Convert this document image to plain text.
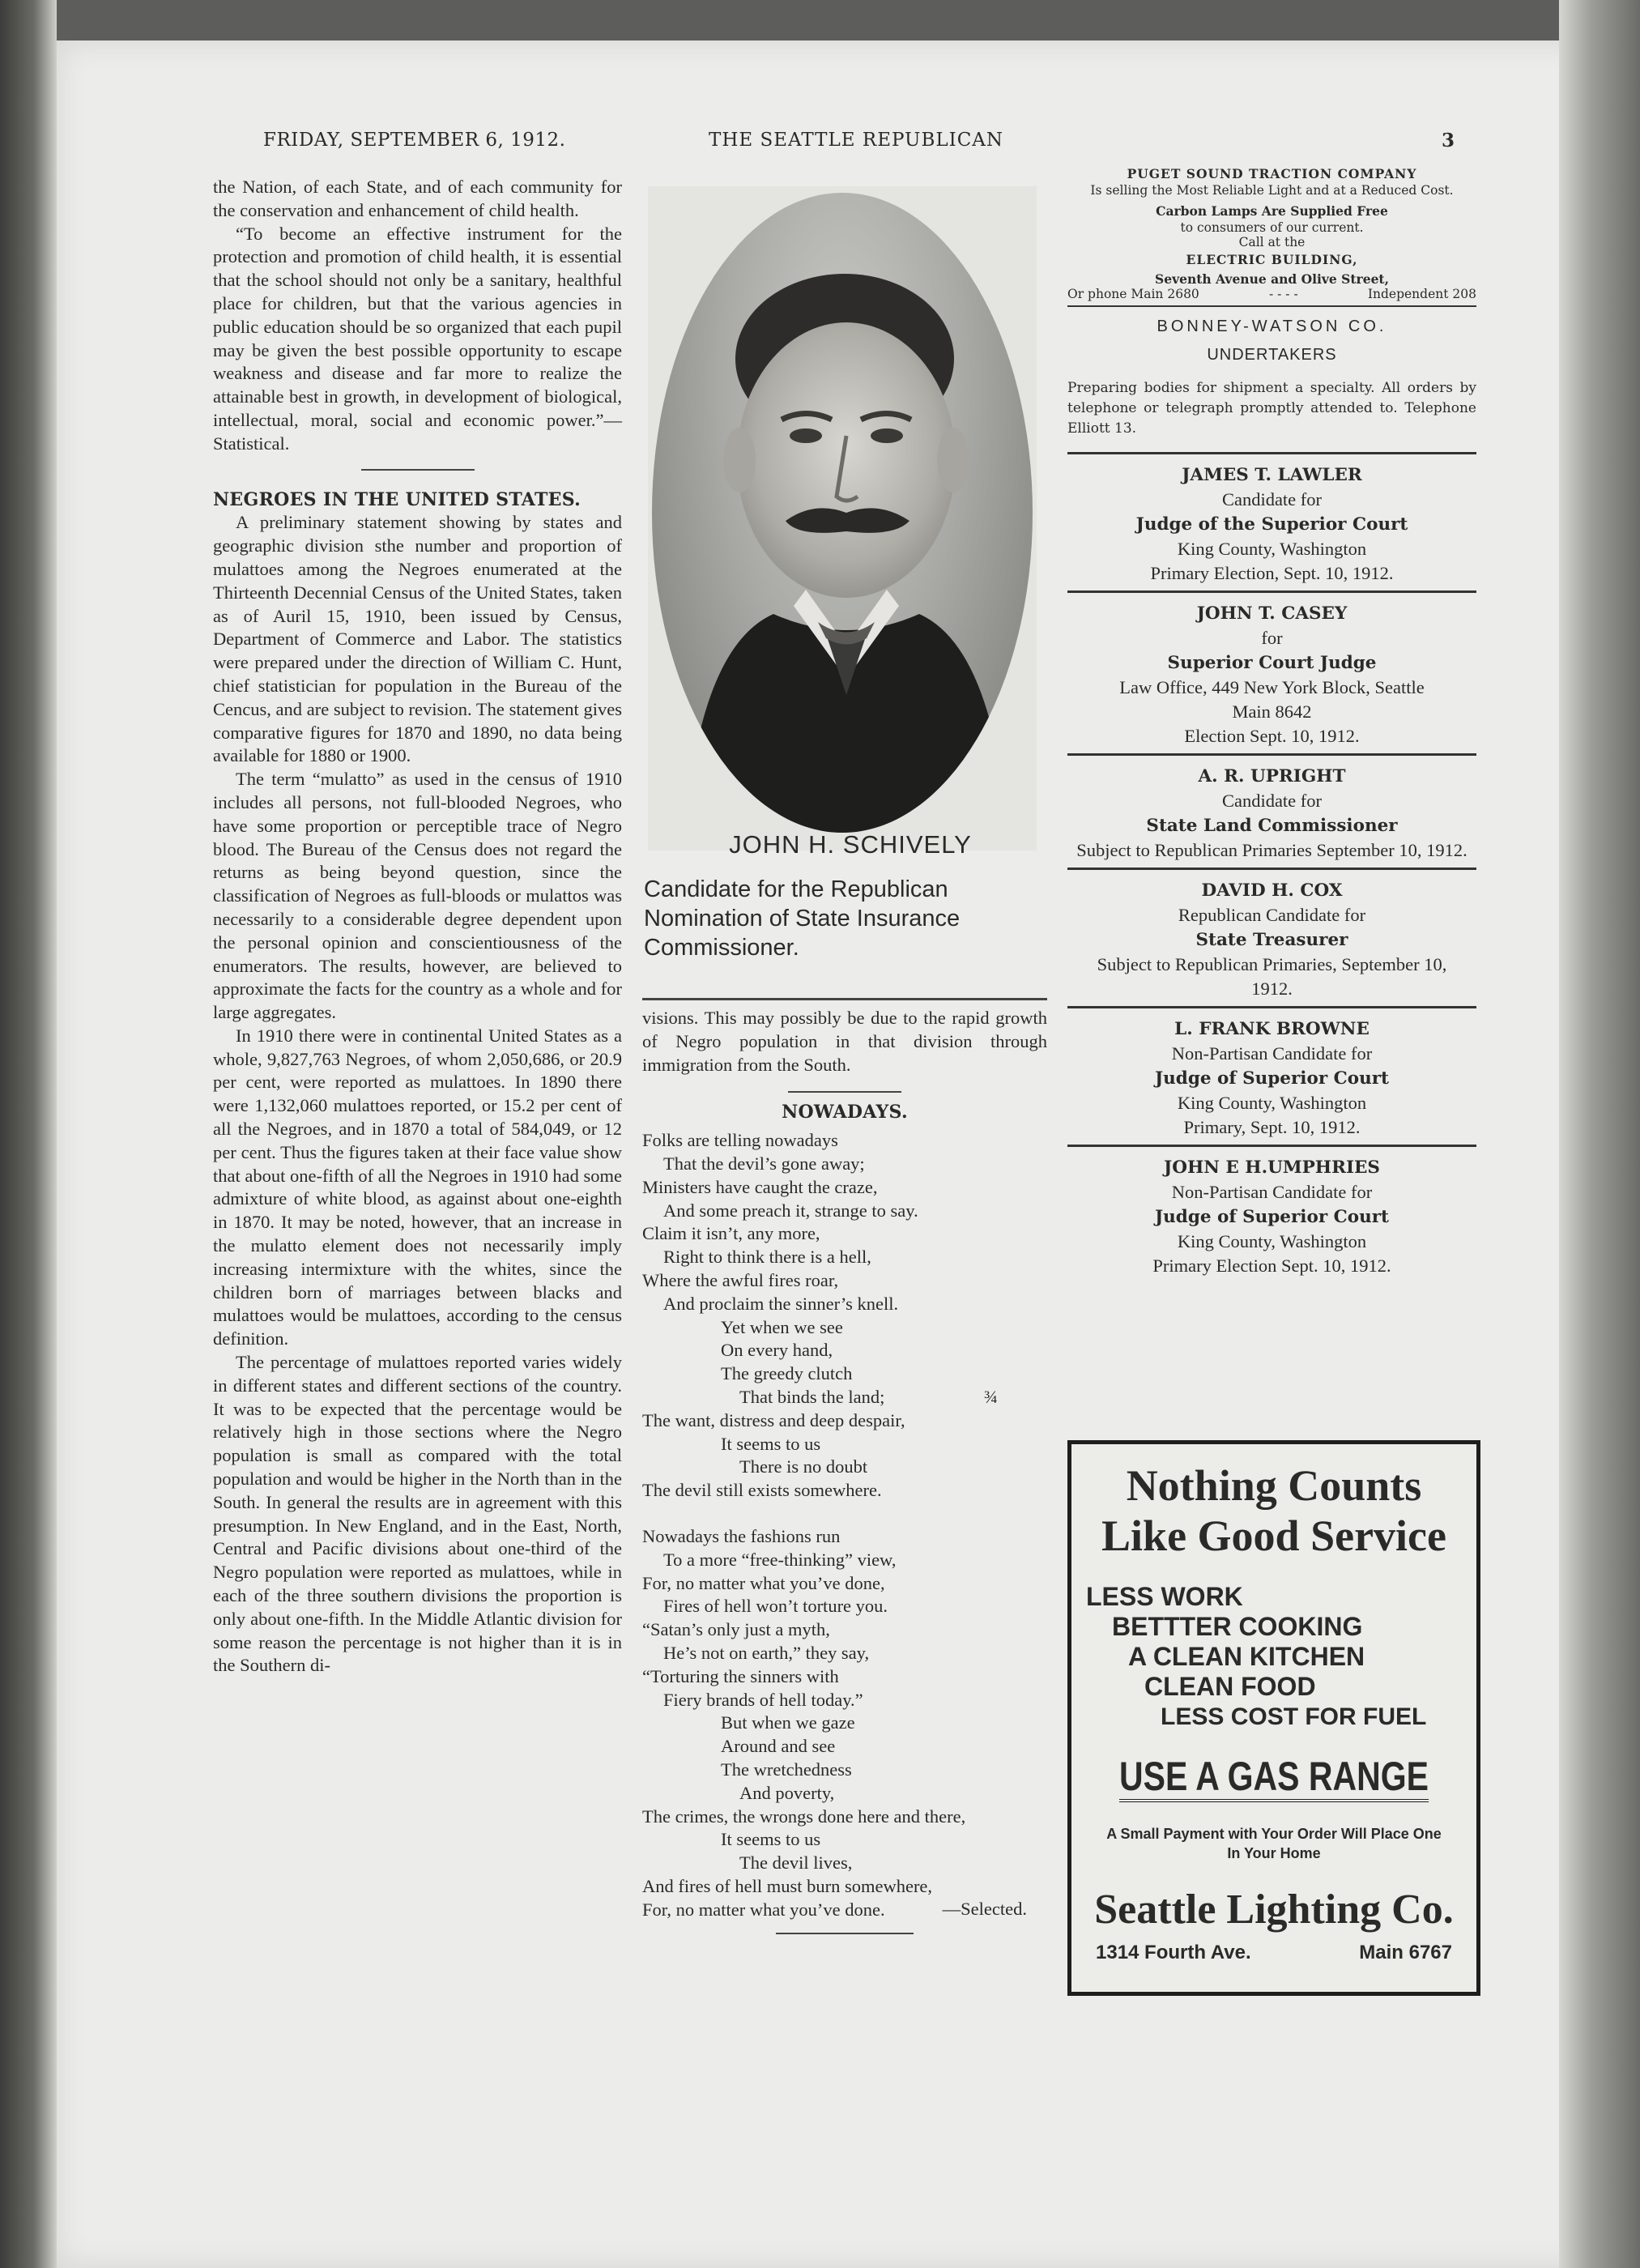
FRIDAY, SEPTEMBER 6, 1912.	THE SEATTLE REPUBLICAN	3

the Nation, of each State, and of each community for the conservation and enhancement of child health.

“To become an effective instrument for the protection and promotion of child health, it is essential that the school should not only be a sanitary, healthful place for children, but that the various agencies in public education should be so organized that each pupil may be given the best possible opportunity to escape weakness and disease and far more to realize the attainable best in growth, in development of biological, intellectual, moral, social and economic power.”—Statistical.

NEGROES IN THE UNITED STATES.

A preliminary statement showing by states and geographic division sthe number and proportion of mulattoes among the Negroes enumerated at the Thirteenth Decennial Census of the United States, taken as of Auril 15, 1910, been issued by Census, Department of Commerce and Labor. The statistics were prepared under the direction of William C. Hunt, chief statistician for population in the Bureau of the Cencus, and are subject to revision. The statement gives comparative figures for 1870 and 1890, no data being available for 1880 or 1900.

The term “mulatto” as used in the census of 1910 includes all persons, not full-blooded Negroes, who have some proportion or perceptible trace of Negro blood. The Bureau of the Census does not regard the returns as being beyond question, since the classification of Negroes as full-bloods or mulattos was necessarily to a considerable degree dependent upon the personal opinion and conscientiousness of the enumerators. The results, however, are believed to approximate the facts for the country as a whole and for large aggregates.

In 1910 there were in continental United States as a whole, 9,827,763 Negroes, of whom 2,050,686, or 20.9 per cent, were reported as mulattoes. In 1890 there were 1,132,060 mulattoes reported, or 15.2 per cent of all the Negroes, and in 1870 a total of 584,049, or 12 per cent. Thus the figures taken at their face value show that about one-fifth of all the Negroes in 1910 had some admixture of white blood, as against about one-eighth in 1870. It may be noted, however, that an increase in the mulatto element does not necessarily imply increasing intermixture with the whites, since the children born of marriages between blacks and mulattoes would be mulattoes, according to the census definition.

The percentage of mulattoes reported varies widely in different states and different sections of the country. It was to be expected that the percentage would be relatively high in those sections where the Negro population is small as compared with the total population and would be higher in the North than in the South. In general the results are in agreement with this presumption. In New England, and in the East, North, Central and Pacific divisions about one-third of the Negro population were reported as mulattoes, while in each of the three southern divisions the proportion is only about one-fifth. In the Middle Atlantic division for some reason the percentage is not higher than it is in the Southern di-

JOHN H. SCHIVELY
Candidate for the Republican Nomination of State Insurance Commissioner.

visions. This may possibly be due to the rapid growth of Negro population in that division through immigration from the South.

NOWADAYS.

Folks are telling nowadays

That the devil’s gone away;

Ministers have caught the craze,

And some preach it, strange to say.

Claim it isn’t, any more,

Right to think there is a hell,

Where the awful fires roar,

And proclaim the sinner’s knell.

Yet when we see

On every hand,

The greedy clutch

That binds the land;	¾

The want, distress and deep despair,

It seems to us

There is no doubt

The devil still exists somewhere.

Nowadays the fashions run

To a more “free-thinking” view,

For, no matter what you’ve done,

Fires of hell won’t torture you.

“Satan’s only just a myth,

He’s not on earth,” they say,

“Torturing the sinners with

Fiery brands of hell today.”

But when we gaze

Around and see

The wretchedness

And poverty,

The crimes, the wrongs done here and there,

It seems to us

The devil lives,

And fires of hell must burn somewhere,

For, no matter what you’ve done.	—Selected.

PUGET SOUND TRACTION COMPANY
Is selling the Most Reliable Light and at a Reduced Cost.
Carbon Lamps Are Supplied Free
to consumers of our current.
Call at the
ELECTRIC BUILDING,
Seventh Avenue and Olive Street,
Or phone Main 2680	- - - -	Independent 208
BONNEY-WATSON CO.
UNDERTAKERS

Preparing bodies for shipment a specialty. All orders by telephone or telegraph promptly attended to. Telephone Elliott 13.

JAMES T. LAWLER
Candidate for
Judge of the Superior Court
King County, Washington
Primary Election, Sept. 10, 1912.
JOHN T. CASEY
for
Superior Court Judge
Law Office, 449 New York Block, Seattle
Main 8642
Election Sept. 10, 1912.
A. R. UPRIGHT
Candidate for
State Land Commissioner
Subject to Republican Primaries September 10, 1912.
DAVID H. COX
Republican Candidate for
State Treasurer
Subject to Republican Primaries, September 10, 1912.
L. FRANK BROWNE
Non-Partisan Candidate for
Judge of Superior Court
King County, Washington
Primary, Sept. 10, 1912.
JOHN E H.UMPHRIES
Non-Partisan Candidate for
Judge of Superior Court
King County, Washington
Primary Election Sept. 10, 1912.
Nothing Counts
Like Good Service
LESS WORK
BETTTER COOKING
A CLEAN KITCHEN
CLEAN FOOD
LESS COST FOR FUEL
USE A GAS RANGE
A Small Payment with Your Order Will Place One
In Your Home
Seattle Lighting Co.
1314 Fourth Ave.	Main 6767
